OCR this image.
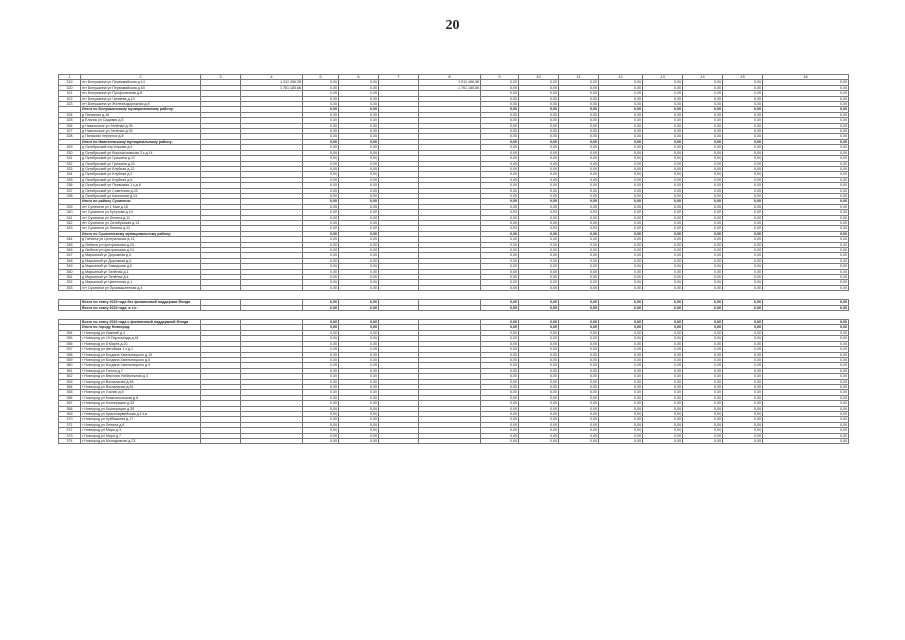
20
1	2	3	4	5	6	7	8	9	10	11	12	13	14	15	16
319	пгт Белушкина ул Первомайская д.14		1 911 496,38	0,00	0,00		1 911 496,38	0,00	0,00	0,00	0,00	0,00	0,00	0,00	0,00
320	пгт Белушкина ул Первомайская д.54		1 761 185,66	0,00	0,00		1 761 185,66	0,00	0,00	0,00	0,00	0,00	0,00	0,00	0,00
321	пгт Белушкина ул Профсоюзная д.8			0,00	0,00			0,00	0,00	0,00	0,00	0,00	0,00	0,00	0,00
322	пгт Белушкина ул Чапаева д.10			0,00	0,00			0,00	0,00	0,00	0,00	0,00	0,00	0,00	0,00
323	пгт Белушкина ул Железнодорожная д.8			0,00	0,00			0,00	0,00	0,00	0,00	0,00	0,00	0,00	0,00
	Итого по Белушкинскому муниципальному району:			0,00	0,00			0,00	0,00	0,00	0,00	0,00	0,00	0,00	0,00
324	д Пиняково д.16			0,00	0,00			0,00	0,00	0,00	0,00	0,00	0,00	0,00	0,00
325	д Ельник ул Садовая д.5			0,00	0,00			0,00	0,00	0,00	0,00	0,00	0,00	0,00	0,00
326	д Никольское ул Зелёная д.30			0,00	0,00			0,00	0,00	0,00	0,00	0,00	0,00	0,00	0,00
327	д Никольское ул Зелёная д.30			0,00	0,00			0,00	0,00	0,00	0,00	0,00	0,00	0,00	0,00
328	д Пиняково переулок д.8			0,00	0,00			0,00	0,00	0,00	0,00	0,00	0,00	0,00	0,00
	Итого по Ивантеевскому муниципальному району:			0,00	0,00			0,00	0,00	0,00	0,00	0,00	0,00	0,00	0,00
329	д Октябрьский пер Кирова д.3			0,00	0,00			0,00	0,00	0,00	0,00	0,00	0,00	0,00	0,00
330	д Октябрьский ул Ворошиловская 3 к.д.14			0,00	0,00			0,00	0,00	0,00	0,00	0,00	0,00	0,00	0,00
331	д Октябрьский ул Гришина д.17			0,00	0,00			0,00	0,00	0,00	0,00	0,00	0,00	0,00	0,00
332	д Октябрьский ул Гришина д.21			0,00	0,00			0,00	0,00	0,00	0,00	0,00	0,00	0,00	0,00
333	д Октябрьский ул Клубная д.12			0,00	0,00			0,00	0,00	0,00	0,00	0,00	0,00	0,00	0,00
334	д Октябрьский ул Клубная д.2			0,00	0,00			0,00	0,00	0,00	0,00	0,00	0,00	0,00	0,00
335	д Октябрьский ул Клубная д.6			0,00	0,00			0,00	0,00	0,00	0,00	0,00	0,00	0,00	0,00
336	д Октябрьский ул Первомая 1 к.д.6			0,00	0,00			0,00	0,00	0,00	0,00	0,00	0,00	0,00	0,00
337	д Октябрьский ул Советская д.23			0,00	0,00			0,00	0,00	0,00	0,00	0,00	0,00	0,00	0,00
338	д Октябрьский ул Школьная д.13			0,00	0,00			0,00	0,00	0,00	0,00	0,00	0,00	0,00	0,00
	Итого по району Сухиничи:			0,00	0,00			0,00	0,00	0,00	0,00	0,00	0,00	0,00	0,00
339	пгт Сухиничи ул 1 Мая д.16			0,00	0,00			0,00	0,00	0,00	0,00	0,00	0,00	0,00	0,00
340	пгт Сухиничи ул Кутузова д.10			0,00	0,00			0,00	0,00	0,00	0,00	0,00	0,00	0,00	0,00
341	пгт Сухиничи ул Ленина д.11			0,00	0,00			0,00	0,00	0,00	0,00	0,00	0,00	0,00	0,00
342	пгт Сухиничи ул Октябрьская д.13			0,00	0,00			0,00	0,00	0,00	0,00	0,00	0,00	0,00	0,00
343	пгт Сухиничи ул Ленина д.22			0,00	0,00			0,00	0,00	0,00	0,00	0,00	0,00	0,00	0,00
	Итого по Сухиничскому муниципальному району:			0,00	0,00			0,00	0,00	0,00	0,00	0,00	0,00	0,00	0,00
344	д Гатчина ул Центральная д.13			0,00	0,00			0,00	0,00	0,00	0,00	0,00	0,00	0,00	0,00
345	д Любеки ул Центральная д.20			0,00	0,00			0,00	0,00	0,00	0,00	0,00	0,00	0,00	0,00
346	д Любеки ул Центральная д.24			0,00	0,00			0,00	0,00	0,00	0,00	0,00	0,00	0,00	0,00
347	д Марьиный ул Дорожная д.5			0,00	0,00			0,00	0,00	0,00	0,00	0,00	0,00	0,00	0,00
348	д Марьиный ул Дорожная д.5			0,00	0,00			0,00	0,00	0,00	0,00	0,00	0,00	0,00	0,00
349	д Марьиный ул Заводская д.6			0,00	0,00			0,00	0,00	0,00	0,00	0,00	0,00	0,00	0,00
350	д Марьиный ул Зелёная д.1			0,00	0,00			0,00	0,00	0,00	0,00	0,00	0,00	0,00	0,00
351	д Марьиный ул Зелёная д.4			0,00	0,00			0,00	0,00	0,00	0,00	0,00	0,00	0,00	0,00
352	д Марьиный ул Цветочная д.1			0,00	0,00			0,00	0,00	0,00	0,00	0,00	0,00	0,00	0,00
353	пгт Сухиничи ул Промышленная д.4			0,00	0,00			0,00	0,00	0,00	0,00	0,00	0,00	0,00	0,00

	Всего по этапу 2015 года без финансовой поддержки Фонда			0,00	0,00			0,00	0,00	0,00	0,00	0,00	0,00	0,00	0,00
	Всего по этапу 2015 года, в т.ч.:			0,00	0,00			0,00	0,00	0,00	0,00	0,00	0,00	0,00	0,00

	Всего по этапу 2016 года с финансовой поддержкой Фонда			0,00	0,00			0,00	0,00	0,00	0,00	0,00	0,00	0,00	0,00
	Итого по городу Новгород:			0,00	0,00			0,00	0,00	0,00	0,00	0,00	0,00	0,00	0,00
354	г Новгород ул Нижний д.4			0,00	0,00			0,00	0,00	0,00	0,00	0,00	0,00	0,00	0,00
355	г Новгород ул 19 Партсъезда д.91			0,00	0,00			0,00	0,00	0,00	0,00	0,00	0,00	0,00	0,00
356	г Новгород ул 8 Марта д.20			0,00	0,00			0,00	0,00	0,00	0,00	0,00	0,00	0,00	0,00
357	г Новгород ул Автобаза 1 к.д.1			0,00	0,00			0,00	0,00	0,00	0,00	0,00	0,00	0,00	0,00
358	г Новгород ул Богдана Хмельницкого д.10			0,00	0,00			0,00	0,00	0,00	0,00	0,00	0,00	0,00	0,00
359	г Новгород ул Богдана Хмельницкого д.6			0,00	0,00			0,00	0,00	0,00	0,00	0,00	0,00	0,00	0,00
360	г Новгород ул Богдана Хмельницкого д.9			0,00	0,00			0,00	0,00	0,00	0,00	0,00	0,00	0,00	0,00
361	г Новгород ул Гоголя д.7			0,00	0,00			0,00	0,00	0,00	0,00	0,00	0,00	0,00	0,00
362	г Новгород ул Верхняя Набережная д.4			0,00	0,00			0,00	0,00	0,00	0,00	0,00	0,00	0,00	0,00
363	г Новгород ул Вокзальная д.48			0,00	0,00			0,00	0,00	0,00	0,00	0,00	0,00	0,00	0,00
364	г Новгород ул Вокзальная д.61			0,00	0,00			0,00	0,00	0,00	0,00	0,00	0,00	0,00	0,00
365	г Новгород ул Горная д.6			0,00	0,00			0,00	0,00	0,00	0,00	0,00	0,00	0,00	0,00
366	г Новгород ул Комсомольская д.8			0,00	0,00			0,00	0,00	0,00	0,00	0,00	0,00	0,00	0,00
367	г Новгород ул Кооперации д.33			0,00	0,00			0,00	0,00	0,00	0,00	0,00	0,00	0,00	0,00
368	г Новгород ул Кооперации д.35			0,00	0,00			0,00	0,00	0,00	0,00	0,00	0,00	0,00	0,00
369	г Новгород ул Красноармейская д.14-а			0,00	0,00			0,00	0,00	0,00	0,00	0,00	0,00	0,00	0,00
370	г Новгород ул Куйбышева д.17			0,00	0,00			0,00	0,00	0,00	0,00	0,00	0,00	0,00	0,00
371	г Новгород ул Ленина д.6			0,00	0,00			0,00	0,00	0,00	0,00	0,00	0,00	0,00	0,00
372	г Новгород ул Мира д.3			0,00	0,00			0,00	0,00	0,00	0,00	0,00	0,00	0,00	0,00
373	г Новгород ул Мира д.7			0,00	0,00			0,00	0,00	0,00	0,00	0,00	0,00	0,00	0,00
374	г Новгород ул Молодежная д.23			0,00	0,00			0,00	0,00	0,00	0,00	0,00	0,00	0,00	0,00
